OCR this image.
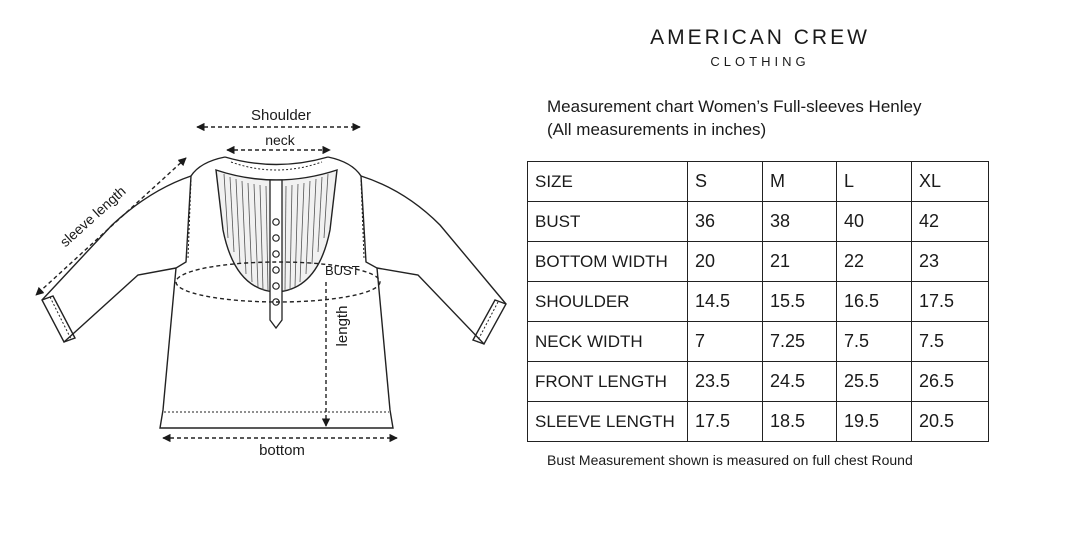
AMERICAN CREW
CLOTHING
Measurement chart Women’s Full-sleeves Henley
(All measurements in inches)
SIZE	S	M	L	XL
BUST	36	38	40	42
BOTTOM WIDTH	20	21	22	23
SHOULDER	14.5	15.5	16.5	17.5
NECK WIDTH	7	7.25	7.5	7.5
FRONT LENGTH	23.5	24.5	25.5	26.5
SLEEVE LENGTH	17.5	18.5	19.5	20.5
Bust Measurement shown is measured on full chest Round
Shoulder
neck
sleeve length
BUST
length
bottom
